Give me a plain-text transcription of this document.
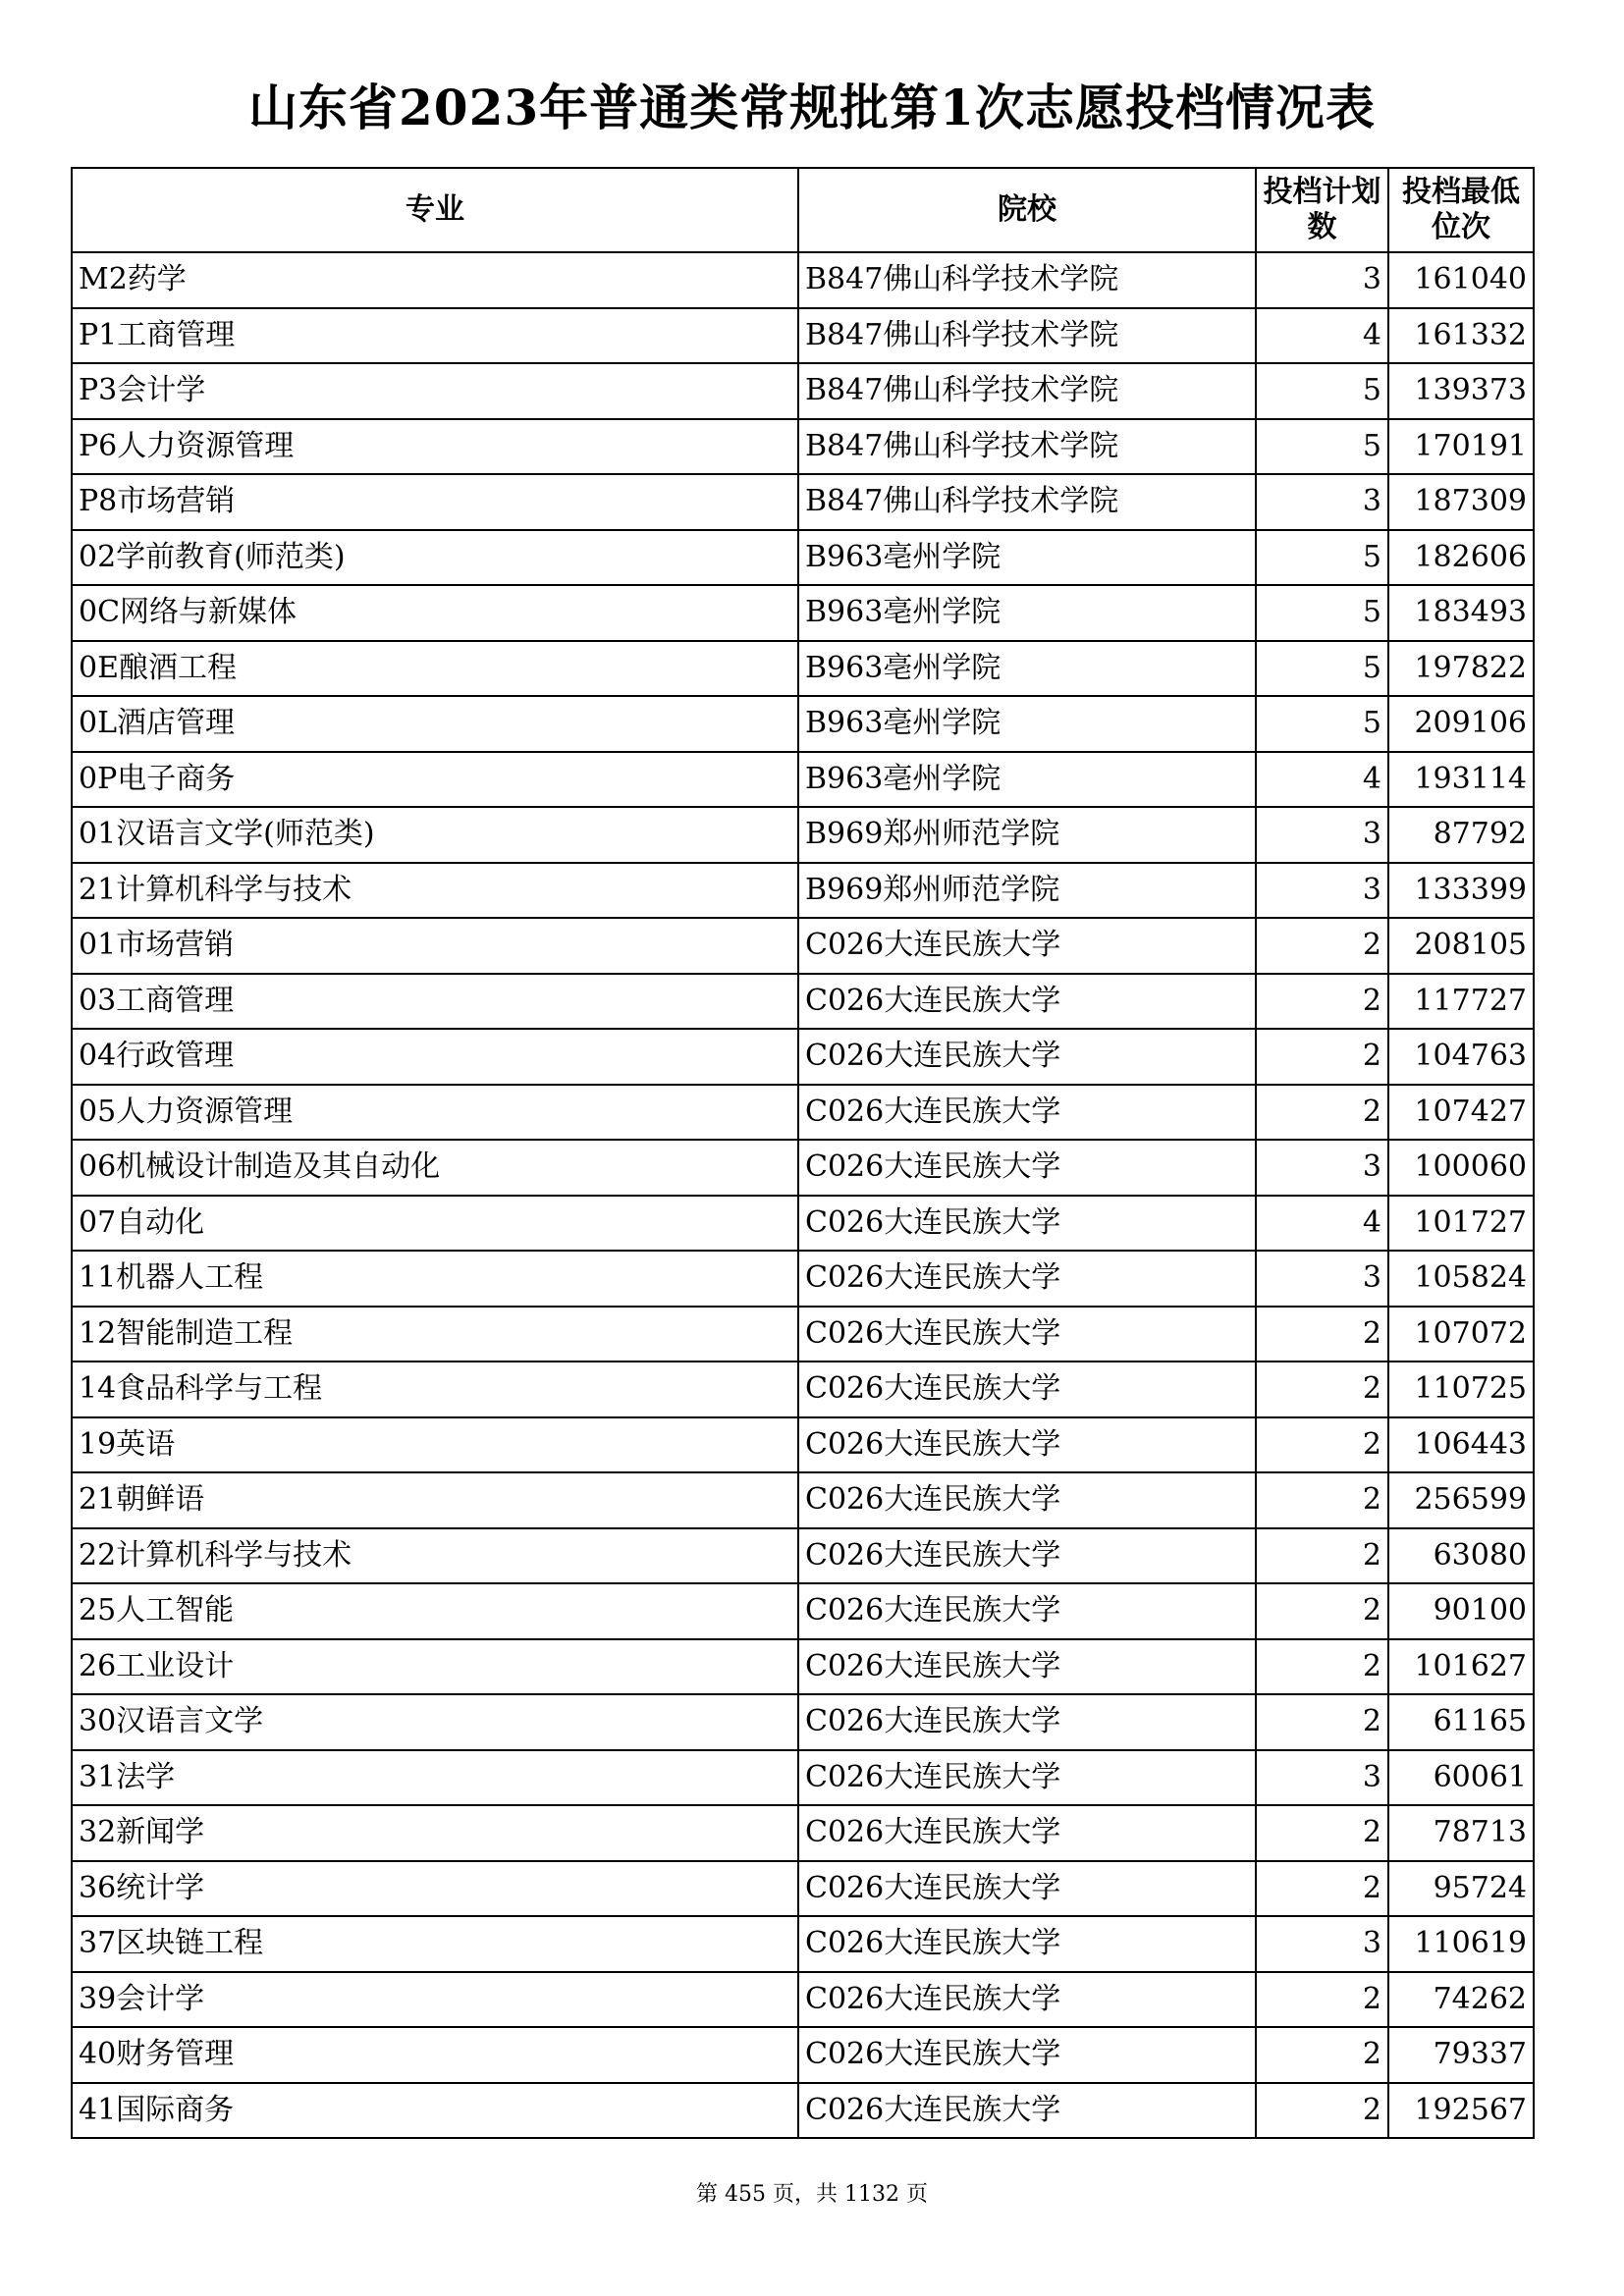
山东省2023年普通类常规批第1次志愿投档情况表
专业	院校	投档计划数	投档最低位次
M2药学	B847佛山科学技术学院	3	161040
P1工商管理	B847佛山科学技术学院	4	161332
P3会计学	B847佛山科学技术学院	5	139373
P6人力资源管理	B847佛山科学技术学院	5	170191
P8市场营销	B847佛山科学技术学院	3	187309
02学前教育(师范类)	B963亳州学院	5	182606
0C网络与新媒体	B963亳州学院	5	183493
0E酿酒工程	B963亳州学院	5	197822
0L酒店管理	B963亳州学院	5	209106
0P电子商务	B963亳州学院	4	193114
01汉语言文学(师范类)	B969郑州师范学院	3	87792
21计算机科学与技术	B969郑州师范学院	3	133399
01市场营销	C026大连民族大学	2	208105
03工商管理	C026大连民族大学	2	117727
04行政管理	C026大连民族大学	2	104763
05人力资源管理	C026大连民族大学	2	107427
06机械设计制造及其自动化	C026大连民族大学	3	100060
07自动化	C026大连民族大学	4	101727
11机器人工程	C026大连民族大学	3	105824
12智能制造工程	C026大连民族大学	2	107072
14食品科学与工程	C026大连民族大学	2	110725
19英语	C026大连民族大学	2	106443
21朝鲜语	C026大连民族大学	2	256599
22计算机科学与技术	C026大连民族大学	2	63080
25人工智能	C026大连民族大学	2	90100
26工业设计	C026大连民族大学	2	101627
30汉语言文学	C026大连民族大学	2	61165
31法学	C026大连民族大学	3	60061
32新闻学	C026大连民族大学	2	78713
36统计学	C026大连民族大学	2	95724
37区块链工程	C026大连民族大学	3	110619
39会计学	C026大连民族大学	2	74262
40财务管理	C026大连民族大学	2	79337
41国际商务	C026大连民族大学	2	192567
第 455 页，共 1132 页
